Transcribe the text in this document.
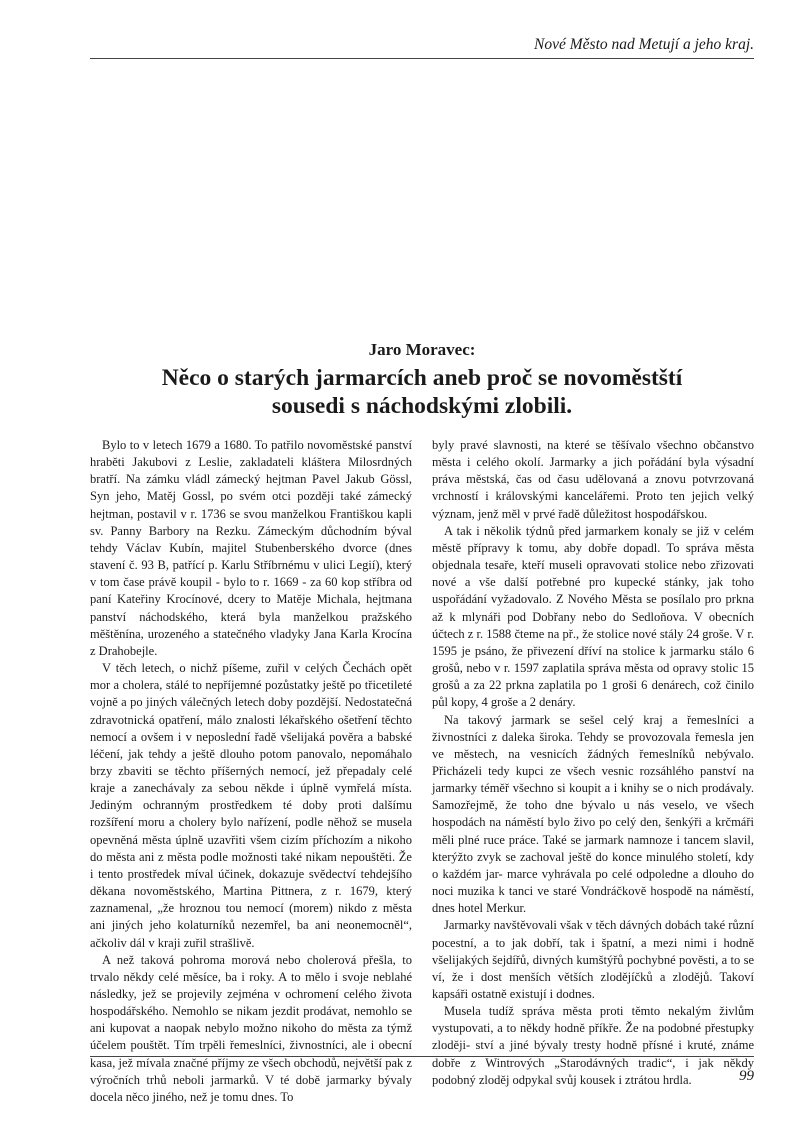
Nové Město nad Metují a jeho kraj.
Jaro Moravec:
Něco o starých jarmarcích aneb proč se novoměstští
sousedi s náchodskými zlobili.

Bylo to v letech 1679 a 1680. To patřilo novoměstské panství hraběti Jakubovi z Leslie, zakladateli kláštera Milosrdných bratří. Na zámku vládl zámecký hejtman Pavel Jakub Gössl, Syn jeho, Matěj Gossl, po svém otci později také zámecký hejtman, postavil v r. 1736 se svou manželkou Františkou kapli sv. Panny Barbory na Rezku. Zámeckým důchodním býval tehdy Václav Kubín, majitel Stubenberského dvorce (dnes stavení č. 93 B, patřící p. Karlu Stříbrnému v ulici Legií), který v tom čase právě koupil - bylo to r. 1669 - za 60 kop stříbra od paní Kateřiny Krocínové, dcery to Matěje Michala, hejtmana panství náchodského, která byla manželkou pražského měštěnína, urozeného a statečného vladyky Jana Karla Krocína z Drahobejle.

V těch letech, o nichž píšeme, zuřil v celých Čechách opět mor a cholera, stálé to nepříjemné pozůstatky ještě po třicetileté vojně a po jiných válečných letech doby pozdější. Nedostatečná zdravotnická opatření, málo znalosti lékařského ošetření těchto nemocí a ovšem i v neposlední řadě všelijaká pověra a babské léčení, jak tehdy a ještě dlouho potom panovalo, nepomáhalo brzy zbaviti se těchto příšerných nemocí, jež přepadaly celé kraje a zanechávaly za sebou někde i úplně vymřelá místa. Jediným ochranným prostředkem té doby proti dalšímu rozšíření moru a cholery bylo nařízení, podle něhož se musela opevněná města úplně uzavřiti všem cizím příchozím a nikoho do města ani z města podle možnosti také nikam nepouštěti. Že i tento prostředek míval účinek, dokazuje svědectví tehdejšího děkana novoměstského, Martina Pittnera, z r. 1679, který zaznamenal, „že hroznou tou nemocí (morem) nikdo z města ani jiných jeho kolaturníků nezemřel, ba ani neonemocněl“, ačkoliv dál v kraji zuřil strašlivě.

A než taková pohroma morová nebo cholerová přešla, to trvalo někdy celé měsíce, ba i roky. A to mělo i svoje neblahé následky, jež se projevily zejména v ochromení celého života hospodářského. Nemohlo se nikam jezdit prodávat, nemohlo se ani kupovat a naopak nebylo možno nikoho do města za týmž účelem pouštět. Tím trpěli řemeslníci, živnostníci, ale i obecní kasa, jež mívala značné příjmy ze všech obchodů, největší pak z výročních trhů neboli jarmarků. V té době jarmarky bývaly docela něco jiného, než je tomu dnes. To

byly pravé slavnosti, na které se těšívalo všechno občanstvo města i celého okolí. Jarmarky a jich pořádání byla výsadní práva městská, čas od času udělovaná a znovu potvrzovaná vrchností i královskými kancelářemi. Proto ten jejich velký význam, jenž měl v prvé řadě důležitost hospodářskou.

A tak i několik týdnů před jarmarkem konaly se již v celém městě přípravy k tomu, aby dobře dopadl. To správa města objednala tesaře, kteří museli opravovati stolice nebo zřizovati nové a vše další potřebné pro kupecké stánky, jak toho uspořádání vyžadovalo. Z Nového Města se posílalo pro prkna až k mlynáři pod Dobřany nebo do Sedloňova. V obecních účtech z r. 1588 čteme na př., že stolice nové stály 24 groše. V r. 1595 je psáno, že přivezení dříví na stolice k jarmarku stálo 6 grošů, nebo v r. 1597 zaplatila správa města od opravy stolic 15 grošů a za 22 prkna zaplatila po 1 groši 6 denárech, což činilo půl kopy, 4 groše a 2 denáry.

Na takový jarmark se sešel celý kraj a řemeslníci a živnostníci z daleka široka. Tehdy se provozovala řemesla jen ve městech, na vesnicích žádných řemeslníků nebývalo. Přicházeli tedy kupci ze všech vesnic rozsáhlého panství na jarmarky téměř všechno si koupit a i knihy se o nich prodávaly. Samozřejmě, že toho dne bývalo u nás veselo, ve všech hospodách na náměstí bylo živo po celý den, šenkýři a krčmáři měli plné ruce práce. Také se jarmark namnoze i tancem slavil, kterýžto zvyk se zachoval ještě do konce minulého století, kdy o každém jar- marce vyhrávala po celé odpoledne a dlouho do noci muzika k tanci ve staré Vondráčkově hospodě na náměstí, dnes hotel Merkur.

Jarmarky navštěvovali však v těch dávných dobách také různí pocestní, a to jak dobří, tak i špatní, a mezi nimi i hodně všelijakých šejdířů, divných kumštýřů pochybné pověsti, a to se ví, že i dost menších větších zlodějíčků a zlodějů. Takoví kapsáři ostatně existují i dodnes.

Musela tudíž správa města proti těmto nekalým živlům vystupovati, a to někdy hodně příkře. Že na podobné přestupky zloději- ství a jiné bývaly tresty hodně přísné i kruté, známe dobře z Wintrových „Starodávných tradic“, i jak někdy podobný zloděj odpykal svůj kousek i ztrátou hrdla.	99
